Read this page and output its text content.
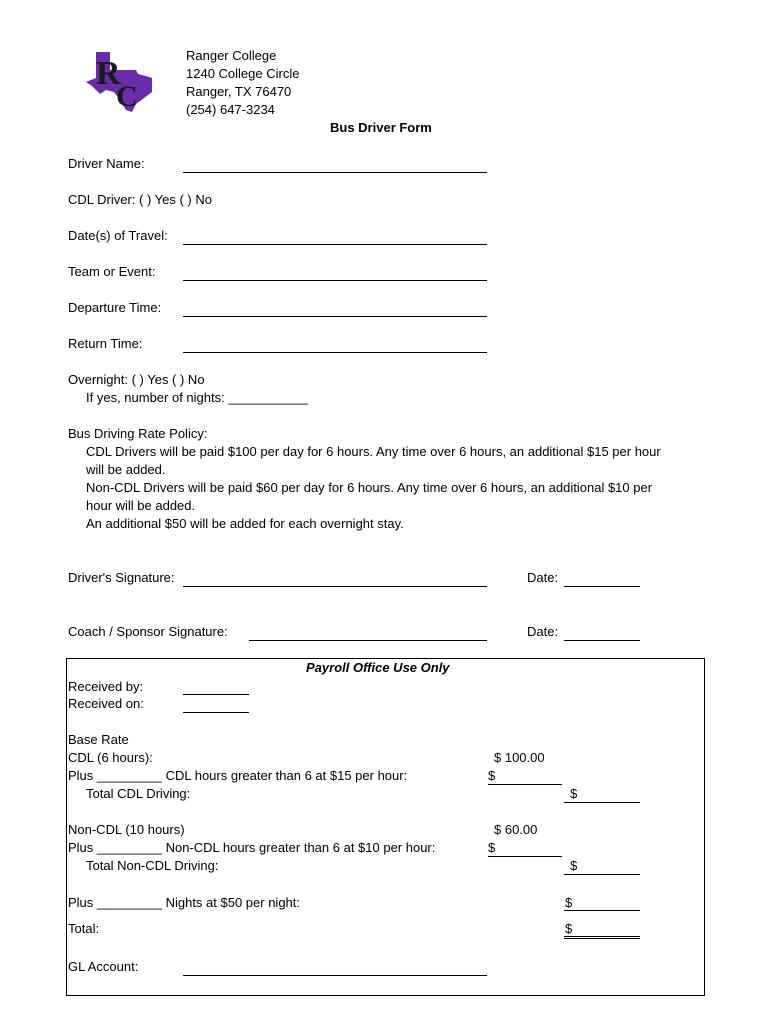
R
C
Ranger College
1240 College Circle
Ranger, TX 76470
(254) 647-3234
Bus Driver Form
Driver Name:
CDL Driver: ( ) Yes ( ) No
Date(s) of Travel:
Team or Event:
Departure Time:
Return Time:
Overnight: ( ) Yes ( ) No
If yes, number of nights: ___________
Bus Driving Rate Policy:
CDL Drivers will be paid $100 per day for 6 hours. Any time over 6 hours, an additional $15 per hour
will be added.
Non-CDL Drivers will be paid $60 per day for 6 hours. Any time over 6 hours, an additional $10 per
hour will be added.
An additional $50 will be added for each overnight stay.
Driver's Signature:	Date:
Coach / Sponsor Signature:	Date:
Payroll Office Use Only
Received by:
Received on:
Base Rate
CDL (6 hours):	$ 100.00
Plus _________ CDL hours greater than 6 at $15 per hour:	$
Total CDL Driving:	$
Non-CDL (10 hours)	$ 60.00
Plus _________ Non-CDL hours greater than 6 at $10 per hour:	$
Total Non-CDL Driving:	$
Plus _________ Nights at $50 per night:	$
Total:	$
GL Account:
